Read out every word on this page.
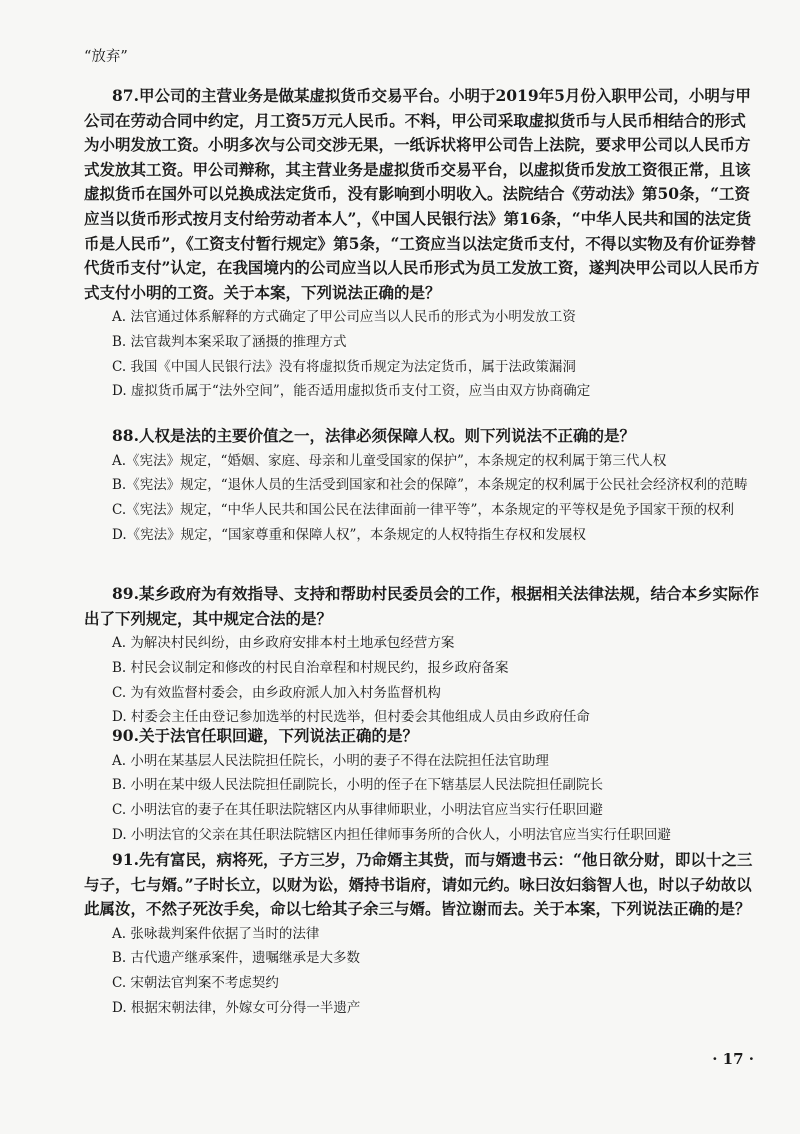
“放弃”

87.甲公司的主营业务是做某虚拟货币交易平台。小明于2019年5月份入职甲公司，小明与甲公司在劳动合同中约定，月工资5万元人民币。不料，甲公司采取虚拟货币与人民币相结合的形式为小明发放工资。小明多次与公司交涉无果，一纸诉状将甲公司告上法院，要求甲公司以人民币方式发放其工资。甲公司辩称，其主营业务是虚拟货币交易平台，以虚拟货币发放工资很正常，且该虚拟货币在国外可以兑换成法定货币，没有影响到小明收入。法院结合《劳动法》第50条，“工资应当以货币形式按月支付给劳动者本人”，《中国人民银行法》第16条，“中华人民共和国的法定货币是人民币”，《工资支付暂行规定》第5条，“工资应当以法定货币支付，不得以实物及有价证券替代货币支付”认定，在我国境内的公司应当以人民币形式为员工发放工资，遂判决甲公司以人民币方式支付小明的工资。关于本案，下列说法正确的是？

A. 法官通过体系解释的方式确定了甲公司应当以人民币的形式为小明发放工资

B. 法官裁判本案采取了涵摄的推理方式

C. 我国《中国人民银行法》没有将虚拟货币规定为法定货币，属于法政策漏洞

D. 虚拟货币属于“法外空间”，能否适用虚拟货币支付工资，应当由双方协商确定

88.人权是法的主要价值之一，法律必须保障人权。则下列说法不正确的是？

A.《宪法》规定，“婚姻、家庭、母亲和儿童受国家的保护”，本条规定的权利属于第三代人权

B.《宪法》规定，“退休人员的生活受到国家和社会的保障”，本条规定的权利属于公民社会经济权利的范畴

C.《宪法》规定，“中华人民共和国公民在法律面前一律平等”，本条规定的平等权是免予国家干预的权利

D.《宪法》规定，“国家尊重和保障人权”，本条规定的人权特指生存权和发展权

89.某乡政府为有效指导、支持和帮助村民委员会的工作，根据相关法律法规，结合本乡实际作出了下列规定，其中规定合法的是？

A. 为解决村民纠纷，由乡政府安排本村土地承包经营方案

B. 村民会议制定和修改的村民自治章程和村规民约，报乡政府备案

C. 为有效监督村委会，由乡政府派人加入村务监督机构

D. 村委会主任由登记参加选举的村民选举，但村委会其他组成人员由乡政府任命

90.关于法官任职回避，下列说法正确的是？

A. 小明在某基层人民法院担任院长，小明的妻子不得在法院担任法官助理

B. 小明在某中级人民法院担任副院长，小明的侄子在下辖基层人民法院担任副院长

C. 小明法官的妻子在其任职法院辖区内从事律师职业，小明法官应当实行任职回避

D. 小明法官的父亲在其任职法院辖区内担任律师事务所的合伙人，小明法官应当实行任职回避

91.先有富民，病将死，子方三岁，乃命婿主其赀，而与婿遗书云：“他日欲分财，即以十之三与子，七与婿。”子时长立，以财为讼，婿持书诣府，请如元约。咏曰汝妇翁智人也，时以子幼故以此属汝，不然子死汝手矣，命以七给其子余三与婿。皆泣谢而去。关于本案，下列说法正确的是？

A. 张咏裁判案件依据了当时的法律

B. 古代遗产继承案件，遗嘱继承是大多数

C. 宋朝法官判案不考虑契约

D. 根据宋朝法律，外嫁女可分得一半遗产

· 17 ·
